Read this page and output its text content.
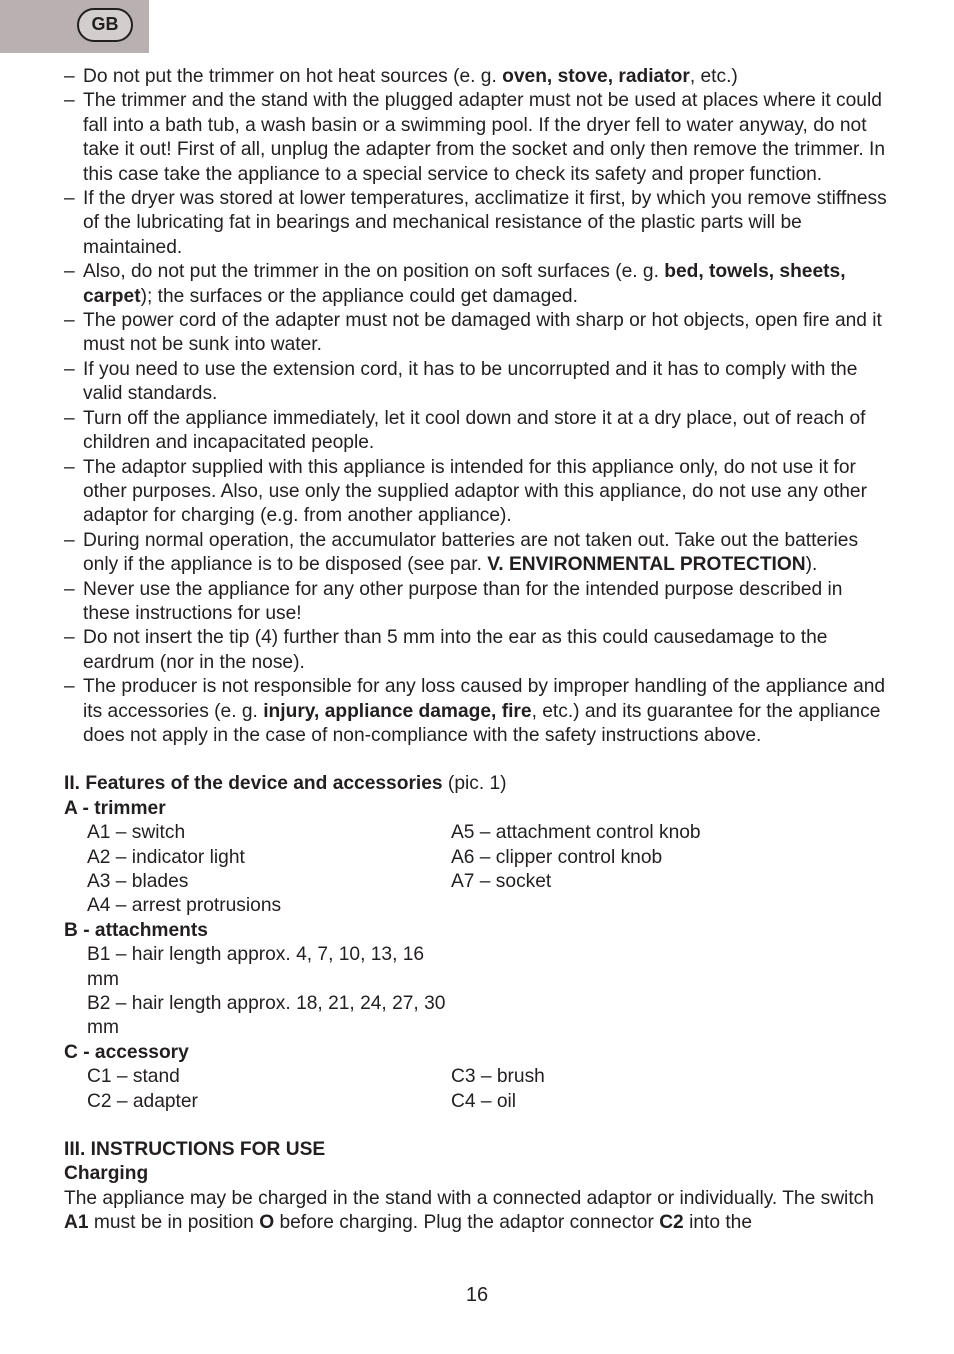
GB
– Do not put the trimmer on hot heat sources (e. g. oven, stove, radiator, etc.)
– The trimmer and the stand with the plugged adapter must not be used at places where it could fall into a bath tub, a wash basin or a swimming pool. If the dryer fell to water anyway, do not take it out! First of all, unplug the adapter from the socket and only then remove the trimmer. In this case take the appliance to a special service to check its safety and proper function.
– If the dryer was stored at lower temperatures, acclimatize it first, by which you remove stiffness of the lubricating fat in bearings and mechanical resistance of the plastic parts will be maintained.
– Also, do not put the trimmer in the on position on soft surfaces (e. g. bed, towels, sheets, carpet); the surfaces or the appliance could get damaged.
– The power cord of the adapter must not be damaged with sharp or hot objects, open fire and it must not be sunk into water.
– If you need to use the extension cord, it has to be uncorrupted and it has to comply with the valid standards.
– Turn off the appliance immediately, let it cool down and store it at a dry place, out of reach of children and incapacitated people.
– The adaptor supplied with this appliance is intended for this appliance only, do not use it for other purposes. Also, use only the supplied adaptor with this appliance, do not use any other adaptor for charging (e.g. from another appliance).
– During normal operation, the accumulator batteries are not taken out. Take out the batteries only if the appliance is to be disposed (see par. V. ENVIRONMENTAL PROTECTION).
– Never use the appliance for any other purpose than for the intended purpose described in these instructions for use!
– Do not insert the tip (4) further than 5 mm into the ear as this could causedamage to the eardrum (nor in the nose).
– The producer is not responsible for any loss caused by improper handling of the appliance and its accessories (e. g. injury, appliance damage, fire, etc.) and its guarantee for the appliance does not apply in the case of non-compliance with the safety instructions above.
II. Features of the device and accessories (pic. 1)
A - trimmer
A1 – switch	A5 – attachment control knob
A2 – indicator light	A6 – clipper control knob
A3 – blades	A7 – socket
A4 – arrest protrusions
B - attachments
B1 – hair length approx. 4, 7, 10, 13, 16 mm
B2 – hair length approx. 18, 21, 24, 27, 30 mm
C - accessory
C1 – stand	C3 – brush
C2 – adapter	C4 – oil
III. INSTRUCTIONS FOR USE
Charging
The appliance may be charged in the stand with a connected adaptor or individually. The switch A1 must be in position O before charging. Plug the adaptor connector C2 into the
16
